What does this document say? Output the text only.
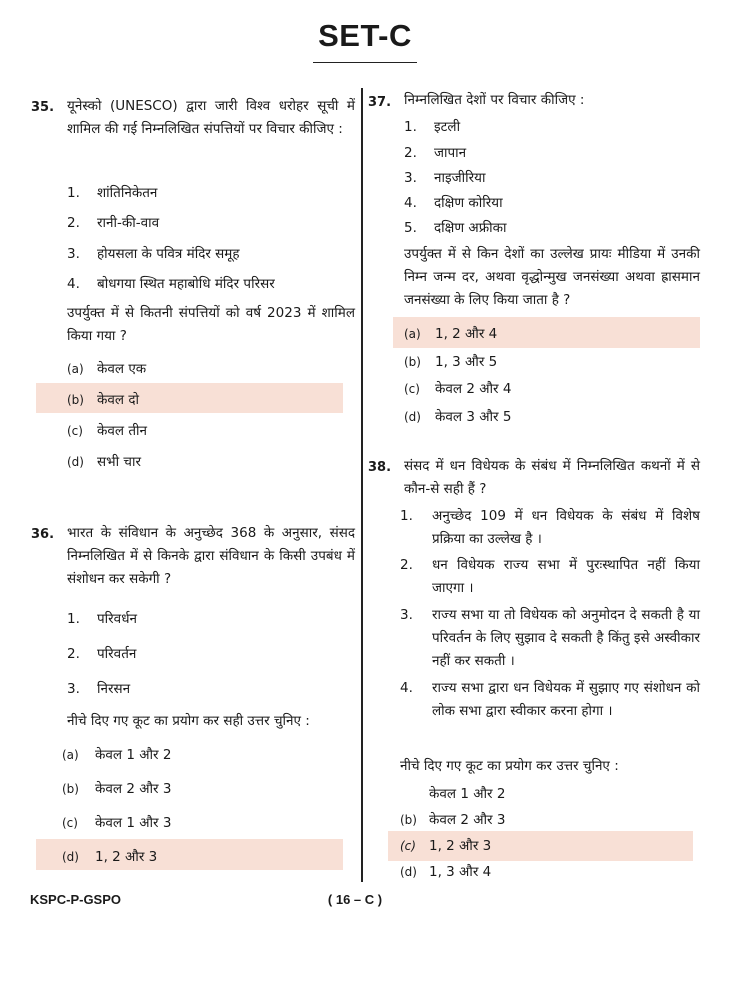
SET-C
35. यूनेस्को (UNESCO) द्वारा जारी विश्व धरोहर सूची में शामिल की गई निम्नलिखित संपत्तियों पर विचार कीजिए :
1. शांतिनिकेतन
2. रानी-की-वाव
3. होयसला के पवित्र मंदिर समूह
4. बोधगया स्थित महाबोधि मंदिर परिसर
उपर्युक्त में से कितनी संपत्तियों को वर्ष 2023 में शामिल किया गया ?
(a) केवल एक
(b) केवल दो
(c) केवल तीन
(d) सभी चार
36. भारत के संविधान के अनुच्छेद 368 के अनुसार, संसद निम्नलिखित में से किनके द्वारा संविधान के किसी उपबंध में संशोधन कर सकेगी ?
1. परिवर्धन
2. परिवर्तन
3. निरसन
नीचे दिए गए कूट का प्रयोग कर सही उत्तर चुनिए :
(a) केवल 1 और 2
(b) केवल 2 और 3
(c) केवल 1 और 3
(d) 1, 2 और 3
37. निम्नलिखित देशों पर विचार कीजिए :
1. इटली
2. जापान
3. नाइजीरिया
4. दक्षिण कोरिया
5. दक्षिण अफ्रीका
उपर्युक्त में से किन देशों का उल्लेख प्रायः मीडिया में उनकी निम्न जन्म दर, अथवा वृद्धोन्मुख जनसंख्या अथवा ह्रासमान जनसंख्या के लिए किया जाता है ?
(a) 1, 2 और 4
(b) 1, 3 और 5
(c) केवल 2 और 4
(d) केवल 3 और 5
38. संसद में धन विधेयक के संबंध में निम्नलिखित कथनों में से कौन-से सही हैं ?
1. अनुच्छेद 109 में धन विधेयक के संबंध में विशेष प्रक्रिया का उल्लेख है ।
2. धन विधेयक राज्य सभा में पुरःस्थापित नहीं किया जाएगा ।
3. राज्य सभा या तो विधेयक को अनुमोदन दे सकती है या परिवर्तन के लिए सुझाव दे सकती है किंतु इसे अस्वीकार नहीं कर सकती ।
4. राज्य सभा द्वारा धन विधेयक में सुझाए गए संशोधन को लोक सभा द्वारा स्वीकार करना होगा ।
नीचे दिए गए कूट का प्रयोग कर उत्तर चुनिए :
केवल 1 और 2
(b) केवल 2 और 3
(c) 1, 2 और 3
(d) 1, 3 और 4
KSPC-P-GSPO	( 16 – C )
